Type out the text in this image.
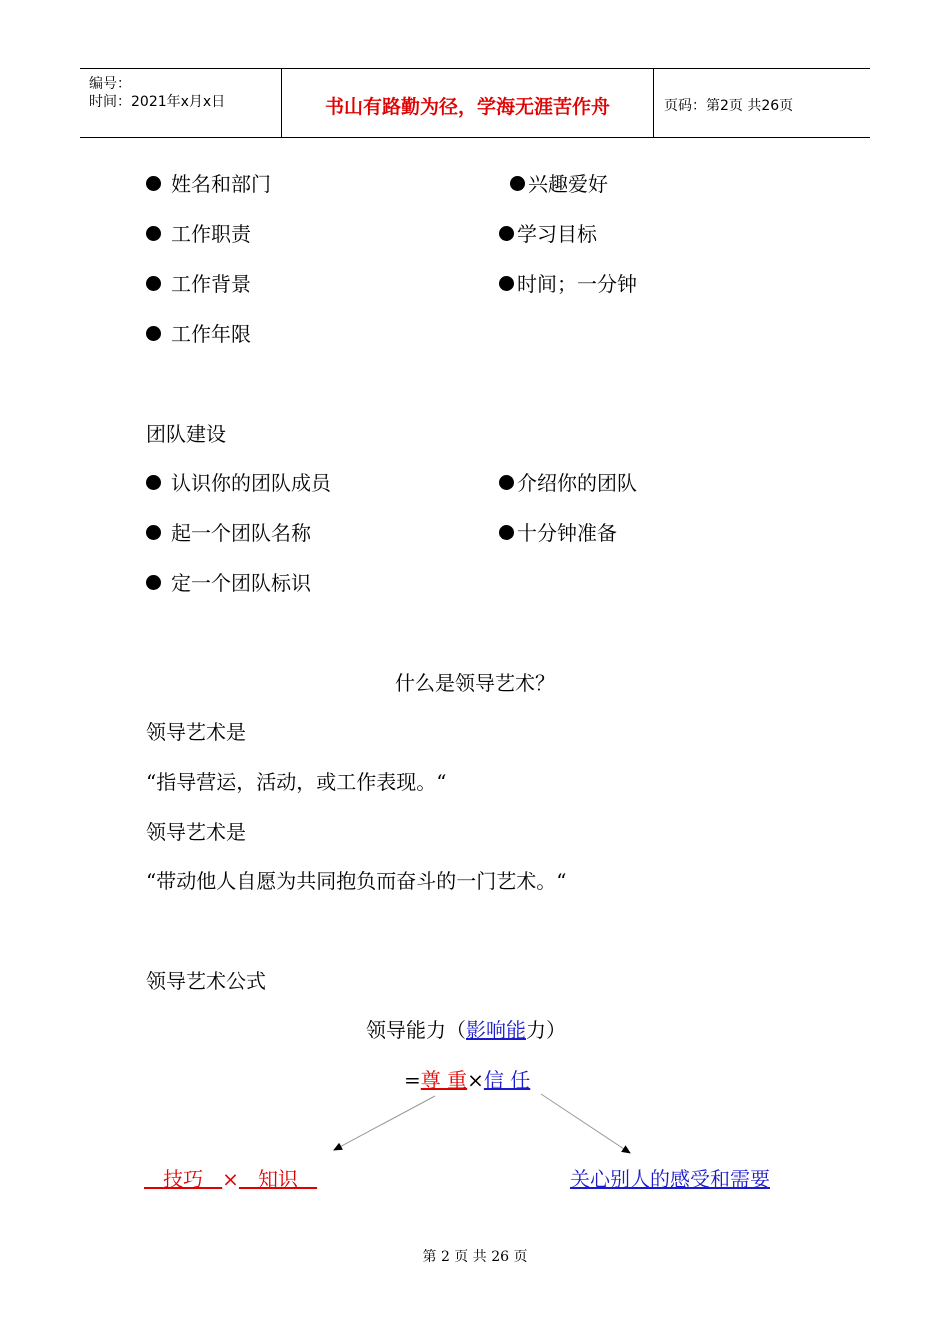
编号：
时间：2021年x月x日	书山有路勤为径，学海无涯苦作舟	页码：第2页 共26页
姓名和部门
工作职责
工作背景
工作年限
兴趣爱好
学习目标
时间；一分钟
团队建设
认识你的团队成员
起一个团队名称
定一个团队标识
介绍你的团队
十分钟准备
什么是领导艺术？
领导艺术是
“指导营运，活动，或工作表现。“
领导艺术是
“带动他人自愿为共同抱负而奋斗的一门艺术。“
领导艺术公式
领导能力（影响能力）
=尊 重×信 任
技巧 × 知识	关心别人的感受和需要
第 2 页 共 26 页
